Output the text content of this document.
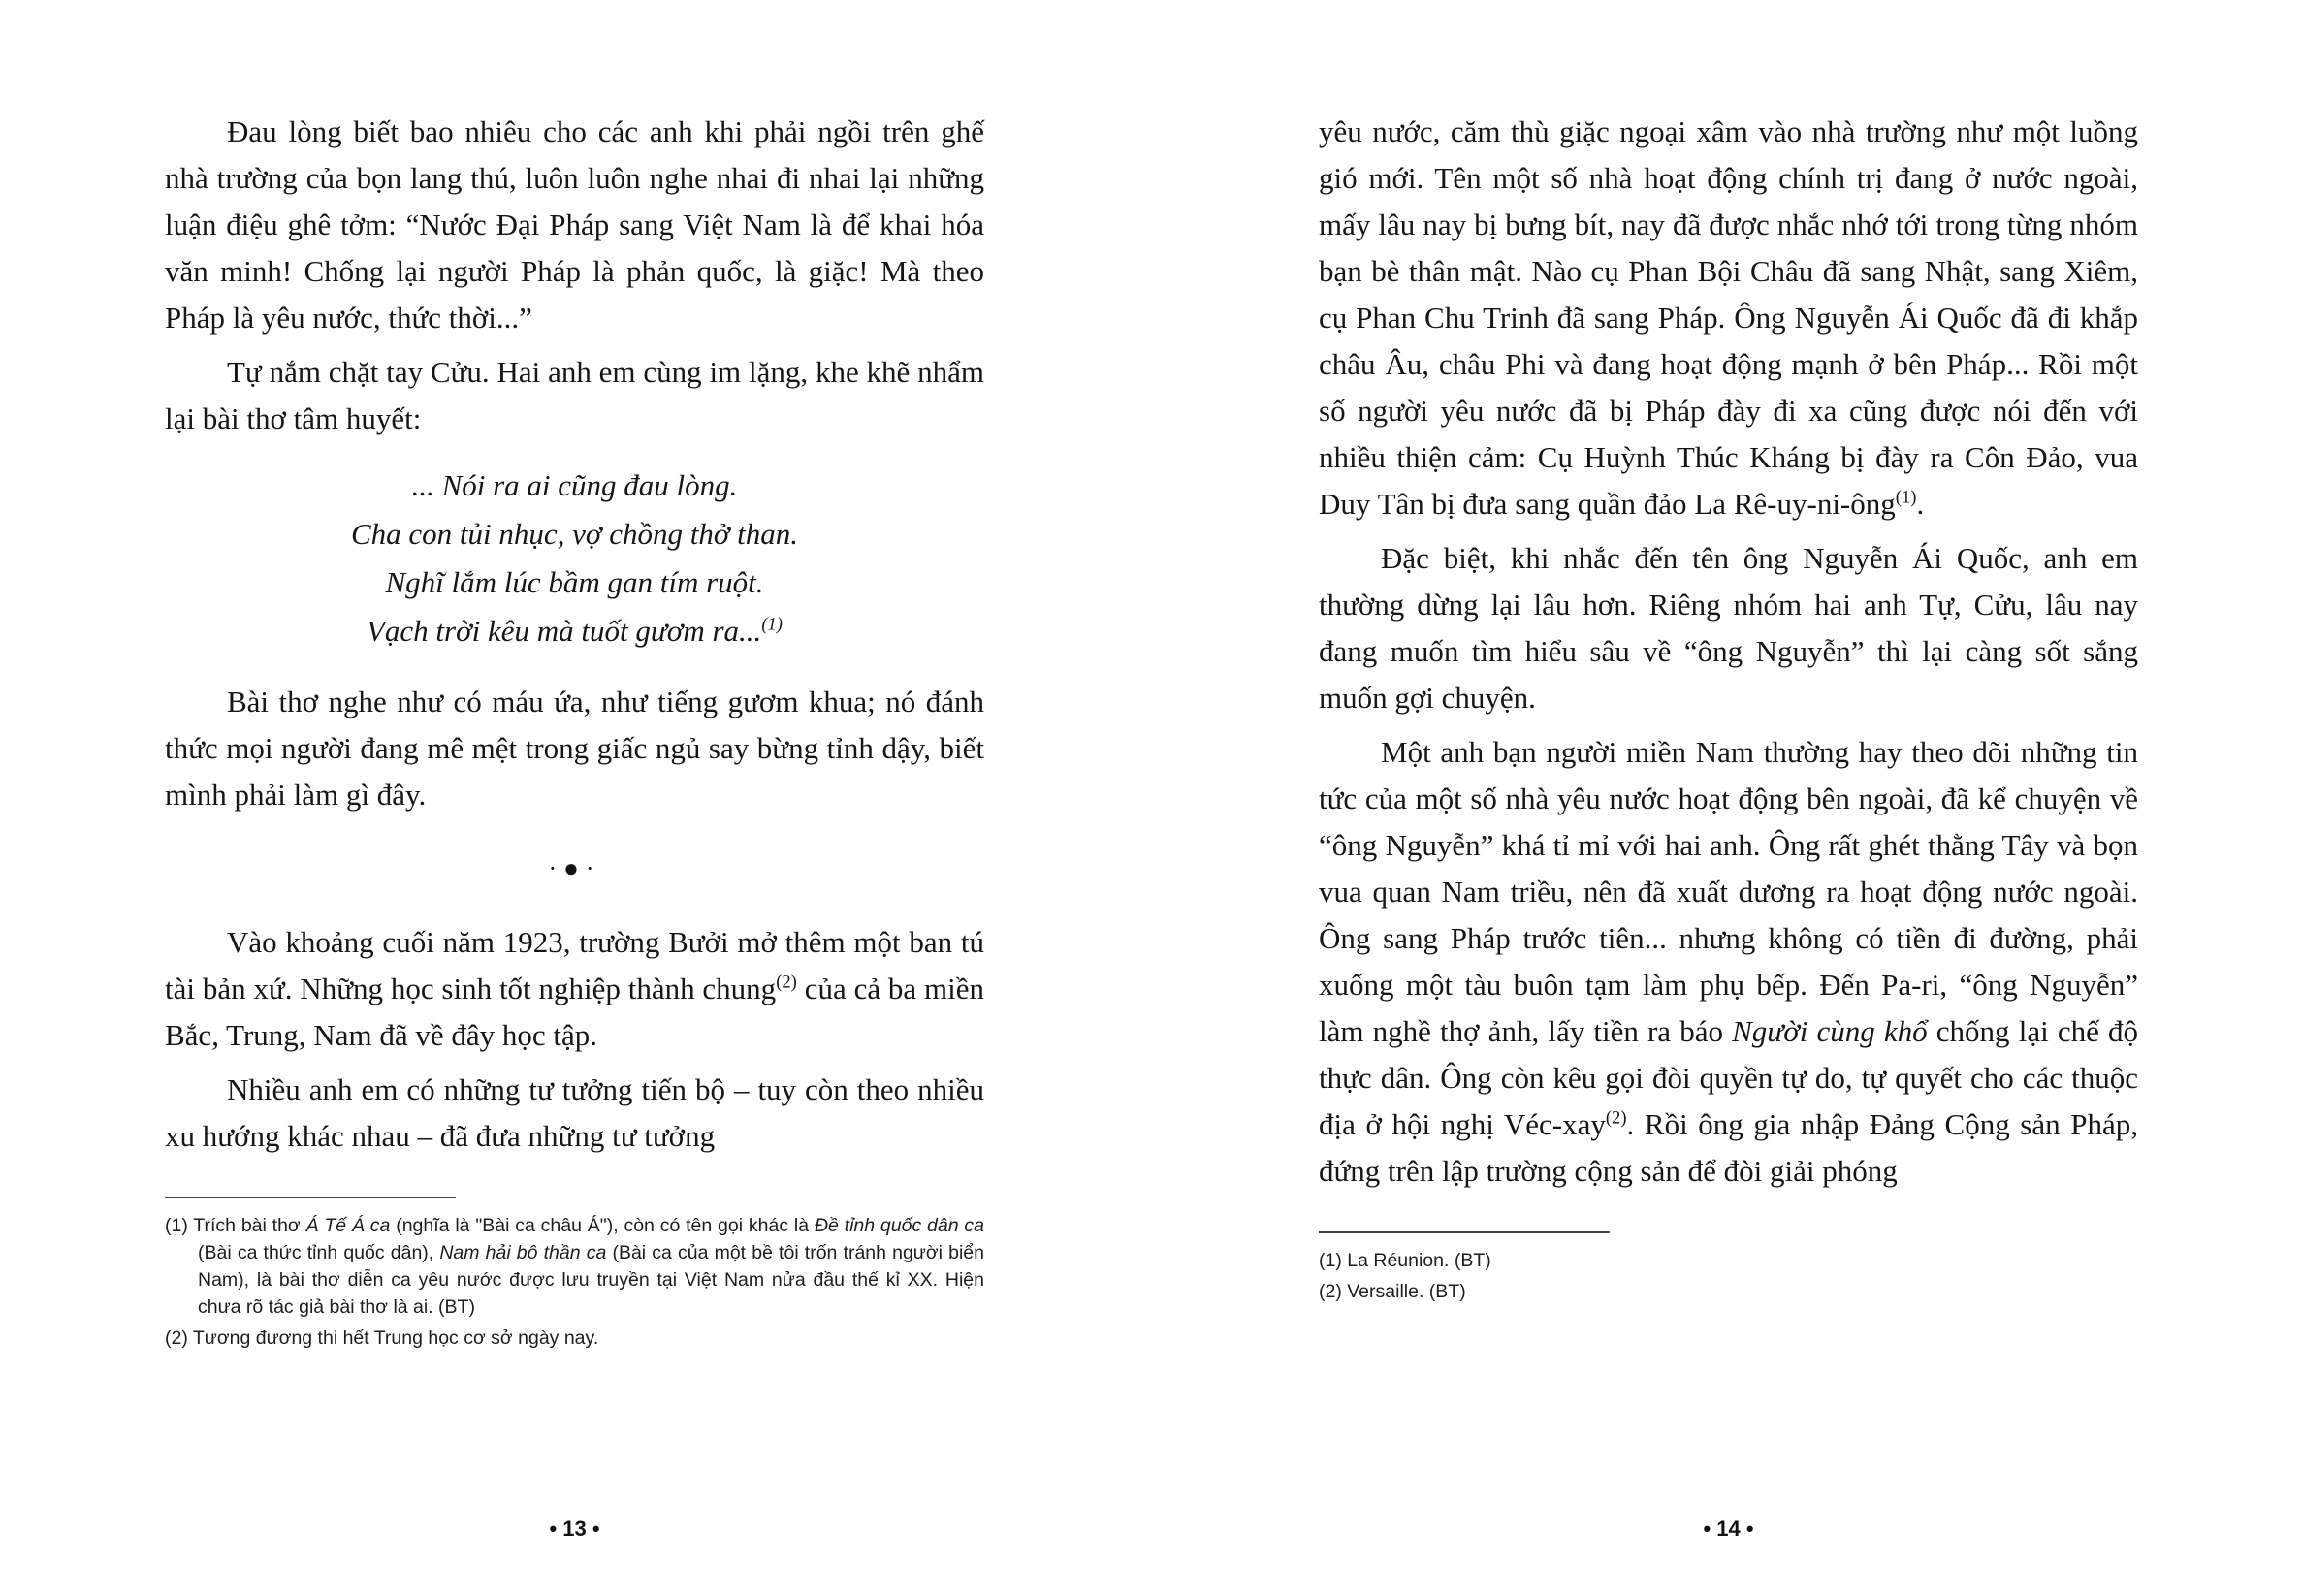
Đau lòng biết bao nhiêu cho các anh khi phải ngồi trên ghế nhà trường của bọn lang thú, luôn luôn nghe nhai đi nhai lại những luận điệu ghê tởm: “Nước Đại Pháp sang Việt Nam là để khai hóa văn minh! Chống lại người Pháp là phản quốc, là giặc! Mà theo Pháp là yêu nước, thức thời...”

Tự nắm chặt tay Cửu. Hai anh em cùng im lặng, khe khẽ nhẩm lại bài thơ tâm huyết:

... Nói ra ai cũng đau lòng.
Cha con tủi nhục, vợ chồng thở than.
Nghĩ lắm lúc bầm gan tím ruột.
Vạch trời kêu mà tuốt gươm ra...$^{(1)}$

Bài thơ nghe như có máu ứa, như tiếng gươm khua; nó đánh thức mọi người đang mê mệt trong giấc ngủ say bừng tỉnh dậy, biết mình phải làm gì đây.

·●·

Vào khoảng cuối năm 1923, trường Bưởi mở thêm một ban tú tài bản xứ. Những học sinh tốt nghiệp thành chung$^{(2)}$ của cả ba miền Bắc, Trung, Nam đã về đây học tập.

Nhiều anh em có những tư tưởng tiến bộ – tuy còn theo nhiều xu hướng khác nhau – đã đưa những tư tưởng

(1) Trích bài thơ Á Tế Á ca (nghĩa là "Bài ca châu Á"), còn có tên gọi khác là Đề tỉnh quốc dân ca (Bài ca thức tỉnh quốc dân), Nam hải bô thần ca (Bài ca của một bề tôi trốn tránh người biển Nam), là bài thơ diễn ca yêu nước được lưu truyền tại Việt Nam nửa đầu thế kỉ XX. Hiện chưa rõ tác giả bài thơ là ai. (BT)

(2) Tương đương thi hết Trung học cơ sở ngày nay.

• 13 •

yêu nước, căm thù giặc ngoại xâm vào nhà trường như một luồng gió mới. Tên một số nhà hoạt động chính trị đang ở nước ngoài, mấy lâu nay bị bưng bít, nay đã được nhắc nhớ tới trong từng nhóm bạn bè thân mật. Nào cụ Phan Bội Châu đã sang Nhật, sang Xiêm, cụ Phan Chu Trinh đã sang Pháp. Ông Nguyễn Ái Quốc đã đi khắp châu Âu, châu Phi và đang hoạt động mạnh ở bên Pháp... Rồi một số người yêu nước đã bị Pháp đày đi xa cũng được nói đến với nhiều thiện cảm: Cụ Huỳnh Thúc Kháng bị đày ra Côn Đảo, vua Duy Tân bị đưa sang quần đảo La Rê-uy-ni-ông$^{(1)}$.

Đặc biệt, khi nhắc đến tên ông Nguyễn Ái Quốc, anh em thường dừng lại lâu hơn. Riêng nhóm hai anh Tự, Cửu, lâu nay đang muốn tìm hiểu sâu về “ông Nguyễn” thì lại càng sốt sắng muốn gợi chuyện.

Một anh bạn người miền Nam thường hay theo dõi những tin tức của một số nhà yêu nước hoạt động bên ngoài, đã kể chuyện về “ông Nguyễn” khá tỉ mỉ với hai anh. Ông rất ghét thằng Tây và bọn vua quan Nam triều, nên đã xuất dương ra hoạt động nước ngoài. Ông sang Pháp trước tiên... nhưng không có tiền đi đường, phải xuống một tàu buôn tạm làm phụ bếp. Đến Pa-ri, “ông Nguyễn” làm nghề thợ ảnh, lấy tiền ra báo Người cùng khổ chống lại chế độ thực dân. Ông còn kêu gọi đòi quyền tự do, tự quyết cho các thuộc địa ở hội nghị Véc-xay$^{(2)}$. Rồi ông gia nhập Đảng Cộng sản Pháp, đứng trên lập trường cộng sản để đòi giải phóng

(1) La Réunion. (BT)

(2) Versaille. (BT)

• 14 •
